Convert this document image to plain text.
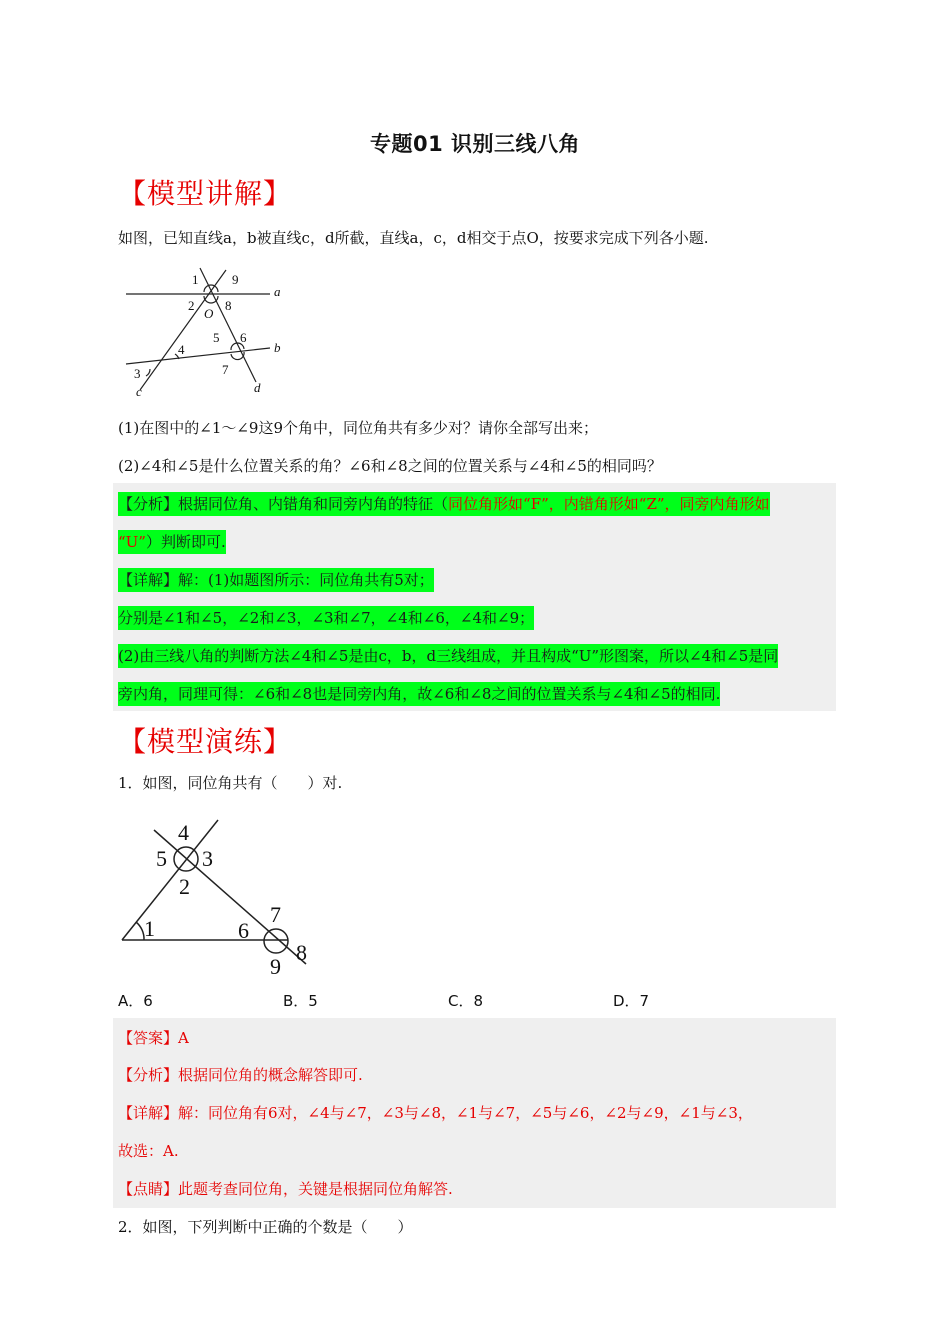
专题01 识别三线八角
【模型讲解】
如图，已知直线a，b被直线c，d所截，直线a，c，d相交于点O，按要求完成下列各小题.
1	9
2 8
O
a
5 6
4	b
3	7
c	d
(1)在图中的∠1～∠9这9个角中，同位角共有多少对？请你全部写出来；
(2)∠4和∠5是什么位置关系的角？∠6和∠8之间的位置关系与∠4和∠5的相同吗？
【分析】根据同位角、内错角和同旁内角的特征（同位角形如“F”，内错角形如“Z”，同旁内角形如
“U”）判断即可.
【详解】解：(1)如题图所示：同位角共有5对；
分别是∠1和∠5，∠2和∠3，∠3和∠7，∠4和∠6，∠4和∠9；
(2)由三线八角的判断方法∠4和∠5是由c，b，d三线组成，并且构成“U”形图案，所以∠4和∠5是同
旁内角，同理可得：∠6和∠8也是同旁内角，故∠6和∠8之间的位置关系与∠4和∠5的相同.
【模型演练】
1．如图，同位角共有（　　）对.
4
5 3
2
1	6
7
8
9
A．6	B．5	C．8	D．7
【答案】A
【分析】根据同位角的概念解答即可.
【详解】解：同位角有6对，∠4与∠7，∠3与∠8，∠1与∠7，∠5与∠6，∠2与∠9，∠1与∠3，
故选：A.
【点睛】此题考查同位角，关键是根据同位角解答.
2．如图，下列判断中正确的个数是（　　）
